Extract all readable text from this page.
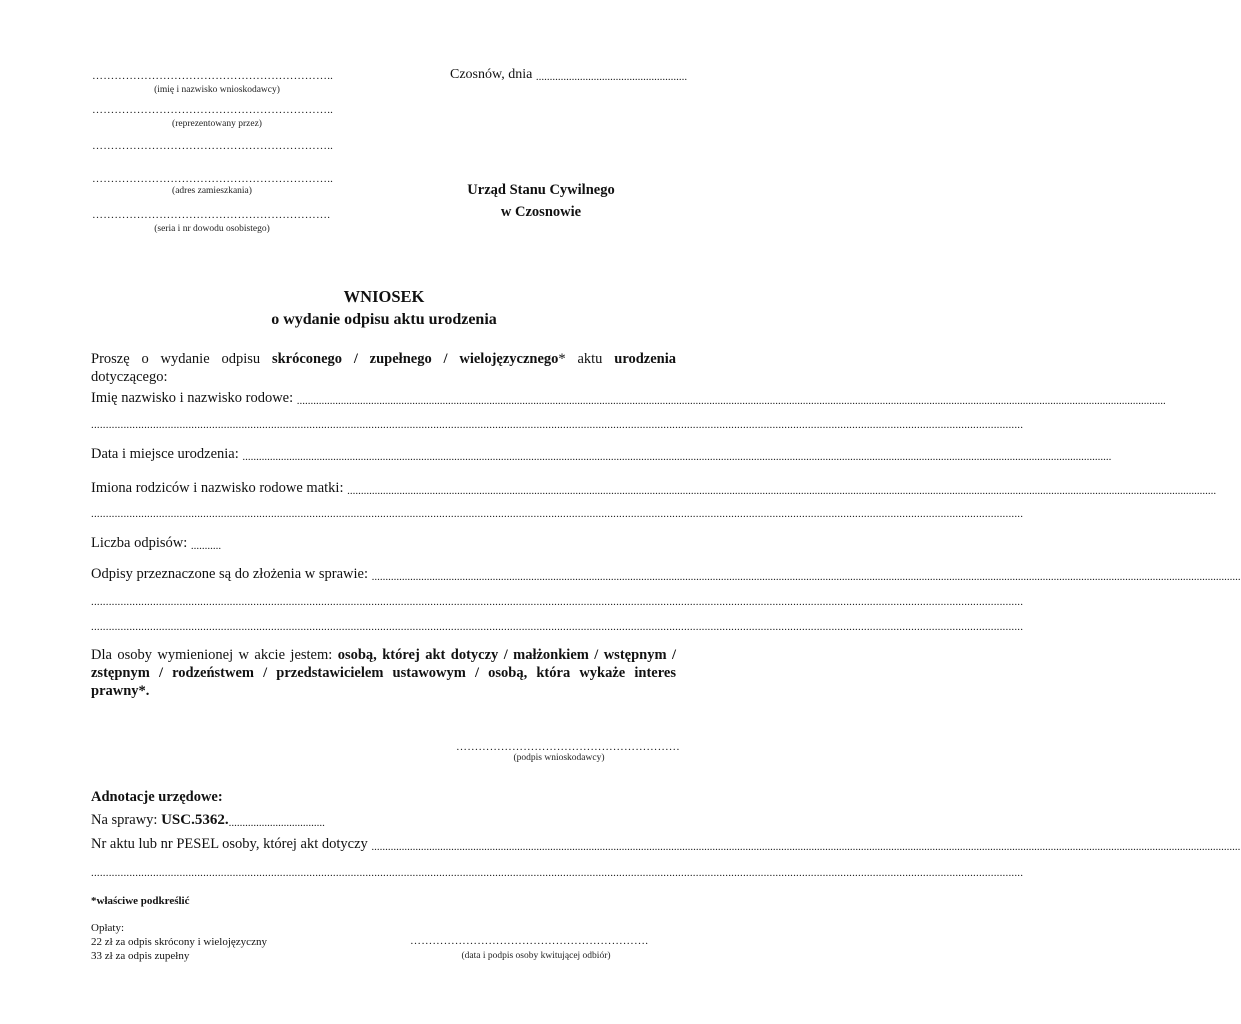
………………………………………………………..
(imię i nazwisko wnioskodawcy)
………………………………………………………..
(reprezentowany przez)
………………………………………………………..
………………………………………………………..
(adres zamieszkania)
……………………………………………………….
(seria i nr dowodu osobistego)
Czosnów, dnia .......................................................
Urząd Stanu Cywilnego
w Czosnowie
WNIOSEK
o wydanie odpisu aktu urodzenia
Proszę o wydanie odpisu skróconego / zupełnego / wielojęzycznego* aktu urodzenia
dotyczącego:
Imię nazwisko i nazwisko rodowe: ............................................................................................................................................................................................................................................................................................................................
............................................................................................................................................................................................................................................................................................................................
Data i miejsce urodzenia: ............................................................................................................................................................................................................................................................................................................................
Imiona rodziców i nazwisko rodowe matki: ............................................................................................................................................................................................................................................................................................................................
............................................................................................................................................................................................................................................................................................................................
Liczba odpisów: ...........
Odpisy przeznaczone są do złożenia w sprawie: ............................................................................................................................................................................................................................................................................................................................
............................................................................................................................................................................................................................................................................................................................
............................................................................................................................................................................................................................................................................................................................
Dla osoby wymienionej w akcie jestem: osobą, której akt dotyczy / małżonkiem / wstępnym / zstępnym / rodzeństwem / przedstawicielem ustawowym / osobą, która wykaże interes prawny*.
……………………………………………………
(podpis wnioskodawcy)
Adnotacje urzędowe:
Na sprawy: USC.5362....................................
Nr aktu lub nr PESEL osoby, której akt dotyczy ............................................................................................................................................................................................................................................................................................................................
............................................................................................................................................................................................................................................................................................................................
*właściwe podkreślić
Opłaty:
22 zł za odpis skrócony i wielojęzyczny
33 zł za odpis zupełny
……………………………………………………….
(data i podpis osoby kwitującej odbiór)
